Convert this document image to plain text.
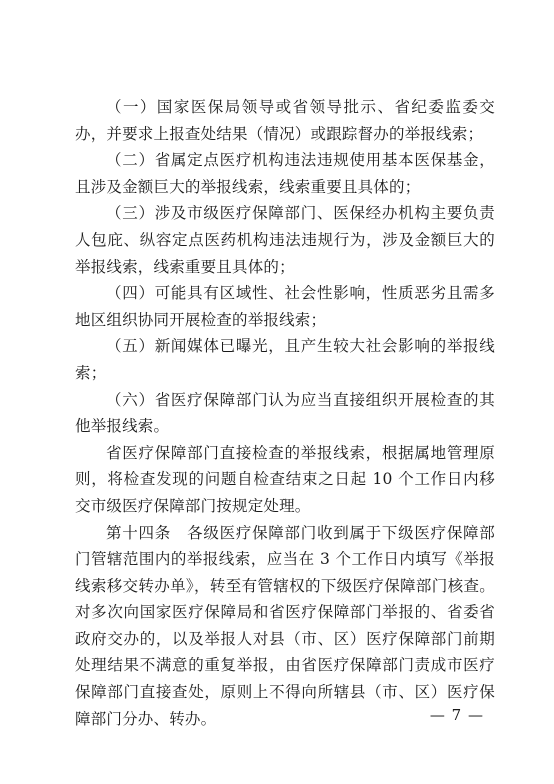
（一）国家医保局领导或省领导批示、省纪委监委交办，并要求上报查处结果（情况）或跟踪督办的举报线索；

（二）省属定点医疗机构违法违规使用基本医保基金，且涉及金额巨大的举报线索，线索重要且具体的；

（三）涉及市级医疗保障部门、医保经办机构主要负责人包庇、纵容定点医药机构违法违规行为，涉及金额巨大的举报线索，线索重要且具体的；

（四）可能具有区域性、社会性影响，性质恶劣且需多地区组织协同开展检查的举报线索；

（五）新闻媒体已曝光，且产生较大社会影响的举报线索；

（六）省医疗保障部门认为应当直接组织开展检查的其他举报线索。

省医疗保障部门直接检查的举报线索，根据属地管理原则，将检查发现的问题自检查结束之日起 10 个工作日内移交市级医疗保障部门按规定处理。

第十四条　各级医疗保障部门收到属于下级医疗保障部门管辖范围内的举报线索，应当在 3 个工作日内填写《举报线索移交转办单》，转至有管辖权的下级医疗保障部门核查。对多次向国家医疗保障局和省医疗保障部门举报的、省委省政府交办的，以及举报人对县（市、区）医疗保障部门前期处理结果不满意的重复举报，由省医疗保障部门责成市医疗保障部门直接查处，原则上不得向所辖县（市、区）医疗保障部门分办、转办。	— 7 —
